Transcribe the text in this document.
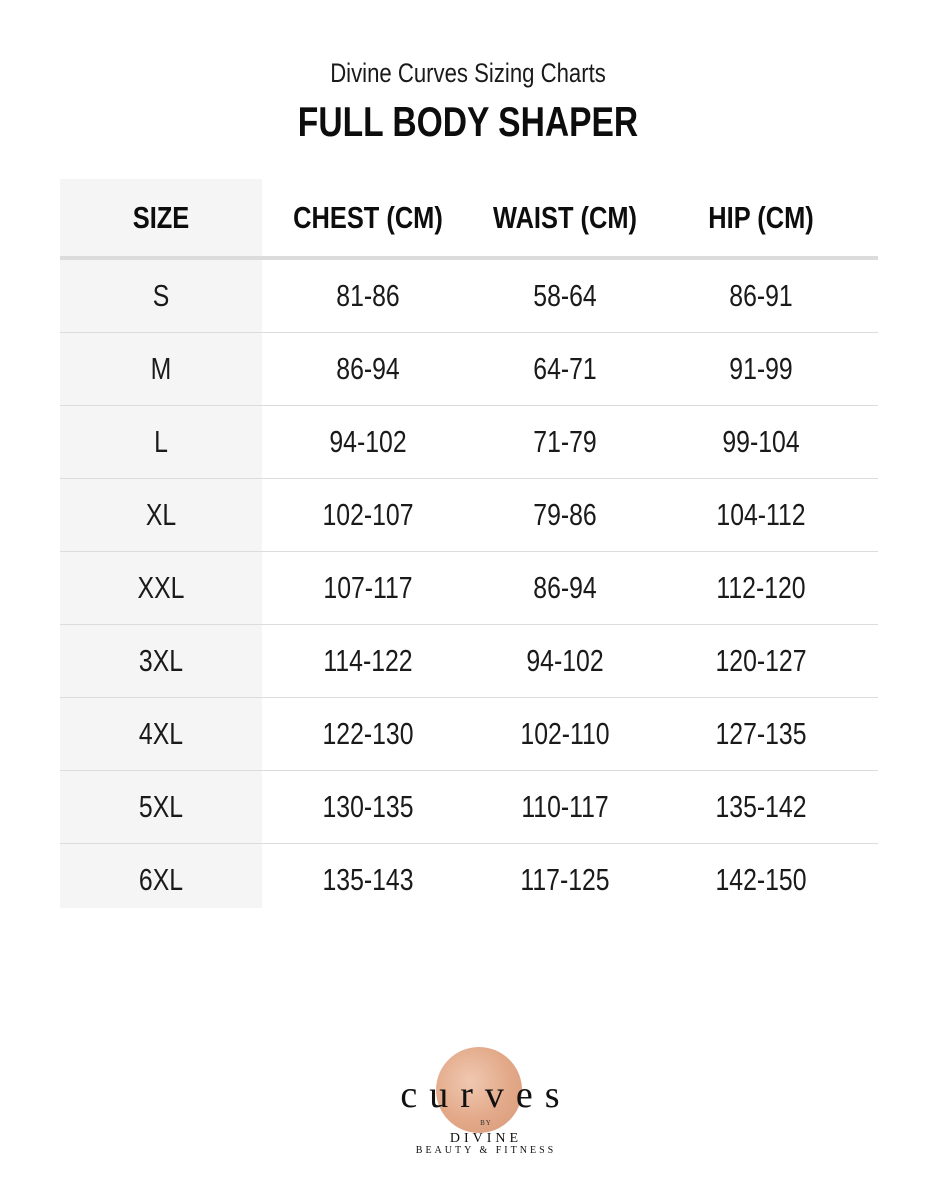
Divine Curves Sizing Charts
FULL BODY SHAPER
SIZE	CHEST (CM)	WAIST (CM)	HIP (CM)
S	81-86	58-64	86-91
M	86-94	64-71	91-99
L	94-102	71-79	99-104
XL	102-107	79-86	104-112
XXL	107-117	86-94	112-120
3XL	114-122	94-102	120-127
4XL	122-130	102-110	127-135
5XL	130-135	110-117	135-142
6XL	135-143	117-125	142-150
curves
BY
DIVINE
BEAUTY & FITNESS
